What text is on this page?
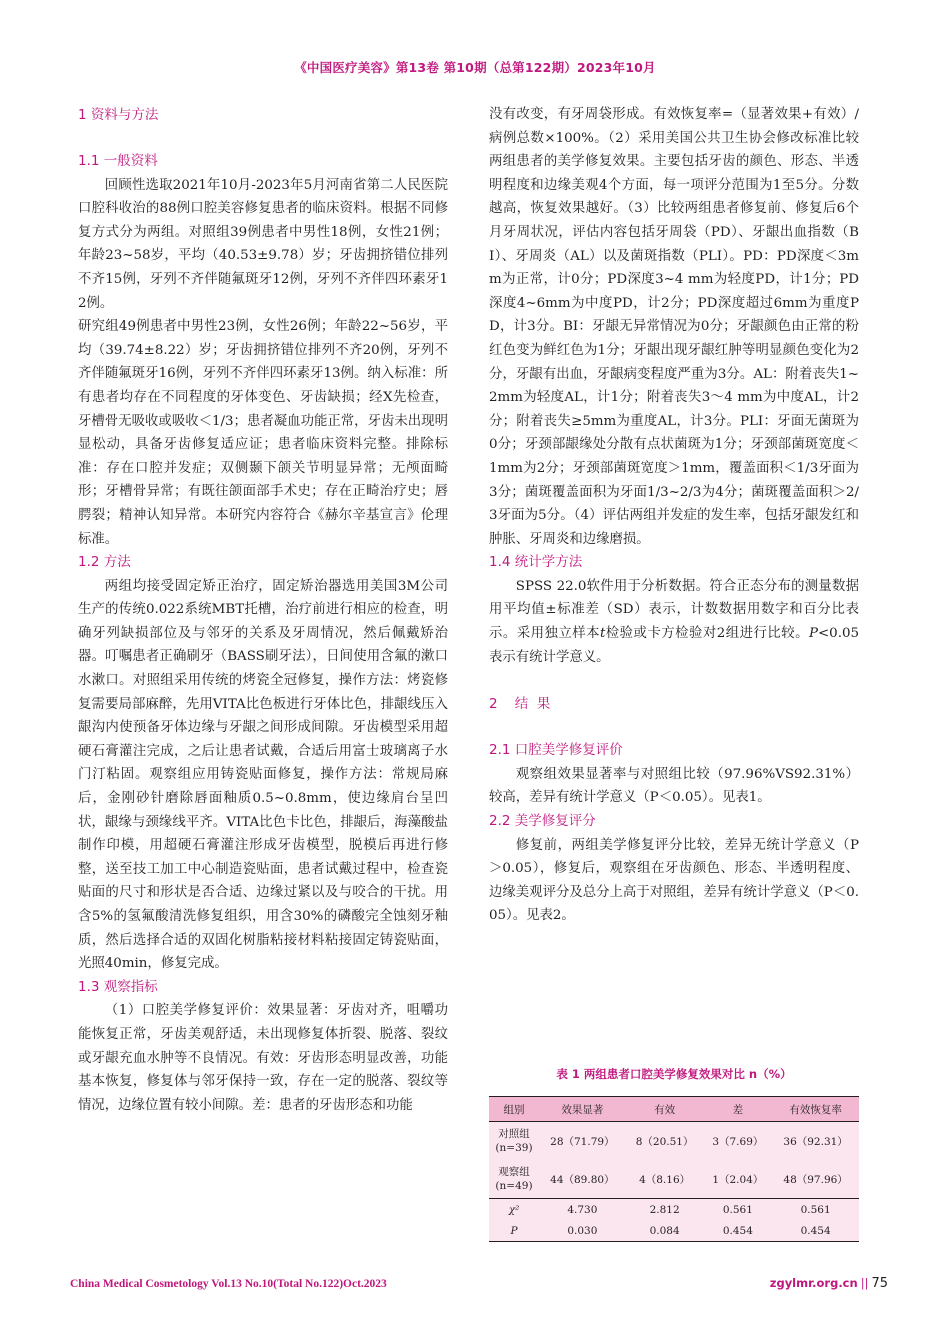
《中国医疗美容》第13卷 第10期（总第122期）2023年10月

1 资料与方法

1.1 一般资料

回顾性选取2021年10月-2023年5月河南省第二人民医院口腔科收治的88例口腔美容修复患者的临床资料。根据不同修复方式分为两组。对照组39例患者中男性18例，女性21例；年龄23~58岁，平均（40.53±9.78）岁；牙齿拥挤错位排列不齐15例，牙列不齐伴随氟斑牙12例，牙列不齐伴四环素牙12例。

研究组49例患者中男性23例，女性26例；年龄22~56岁，平均（39.74±8.22）岁；牙齿拥挤错位排列不齐20例，牙列不齐伴随氟斑牙16例，牙列不齐伴四环素牙13例。纳入标准：所有患者均存在不同程度的牙体变色、牙齿缺损；经X先检查，牙槽骨无吸收或吸收＜1/3；患者凝血功能正常，牙齿未出现明显松动，具备牙齿修复适应证；患者临床资料完整。排除标准：存在口腔并发症；双侧颞下颌关节明显异常；无颅面畸形；牙槽骨异常；有既往颌面部手术史；存在正畸治疗史；唇腭裂；精神认知异常。本研究内容符合《赫尔辛基宣言》伦理标准。

1.2 方法

两组均接受固定矫正治疗，固定矫治器选用美国3M公司生产的传统0.022系统MBT托槽，治疗前进行相应的检查，明确牙列缺损部位及与邻牙的关系及牙周情况，然后佩戴矫治器。叮嘱患者正确刷牙（BASS刷牙法），日间使用含氟的漱口水漱口。对照组采用传统的烤瓷全冠修复，操作方法：烤瓷修复需要局部麻醉，先用VITA比色板进行牙体比色，排龈线压入龈沟内使预备牙体边缘与牙龈之间形成间隙。牙齿模型采用超硬石膏灌注完成，之后让患者试戴，合适后用富士玻璃离子水门汀粘固。观察组应用铸瓷贴面修复，操作方法：常规局麻后，金刚砂针磨除唇面釉质0.5~0.8mm，使边缘肩台呈凹状，龈缘与颈缘线平齐。VITA比色卡比色，排龈后，海藻酸盐制作印模，用超硬石膏灌注形成牙齿模型，脱模后再进行修整，送至技工加工中心制造瓷贴面，患者试戴过程中，检查瓷贴面的尺寸和形状是否合适、边缘过紧以及与咬合的干扰。用含5%的氢氟酸清洗修复组织，用含30%的磷酸完全蚀刻牙釉质，然后选择合适的双固化树脂粘接材料粘接固定铸瓷贴面，光照40min，修复完成。

1.3 观察指标

（1）口腔美学修复评价：效果显著：牙齿对齐，咀嚼功能恢复正常，牙齿美观舒适，未出现修复体折裂、脱落、裂纹或牙龈充血水肿等不良情况。有效：牙齿形态明显改善，功能基本恢复，修复体与邻牙保持一致，存在一定的脱落、裂纹等情况，边缘位置有较小间隙。差：患者的牙齿形态和功能

没有改变，有牙周袋形成。有效恢复率=（显著效果+有效）/病例总数×100%。（2）采用美国公共卫生协会修改标准比较两组患者的美学修复效果。主要包括牙齿的颜色、形态、半透明程度和边缘美观4个方面，每一项评分范围为1至5分。分数越高，恢复效果越好。（3）比较两组患者修复前、修复后6个月牙周状况，评估内容包括牙周袋（PD）、牙龈出血指数（BI）、牙周炎（AL）以及菌斑指数（PLI）。PD：PD深度＜3mm为正常，计0分；PD深度3~4 mm为轻度PD，计1分；PD深度4~6mm为中度PD，计2分；PD深度超过6mm为重度PD，计3分。BI：牙龈无异常情况为0分；牙龈颜色由正常的粉红色变为鲜红色为1分；牙龈出现牙龈红肿等明显颜色变化为2分，牙龈有出血，牙龈病变程度严重为3分。AL：附着丧失1~2mm为轻度AL，计1分；附着丧失3～4 mm为中度AL，计2分；附着丧失≥5mm为重度AL，计3分。PLI：牙面无菌斑为0分；牙颈部龈缘处分散有点状菌斑为1分；牙颈部菌斑宽度＜1mm为2分；牙颈部菌斑宽度＞1mm，覆盖面积＜1/3牙面为3分；菌斑覆盖面积为牙面1/3~2/3为4分；菌斑覆盖面积＞2/3牙面为5分。（4）评估两组并发症的发生率，包括牙龈发红和肿胀、牙周炎和边缘磨损。

1.4 统计学方法

SPSS 22.0软件用于分析数据。符合正态分布的测量数据用平均值±标准差（SD）表示，计数数据用数字和百分比表示。采用独立样本t检验或卡方检验对2组进行比较。P<0.05表示有统计学意义。

2    结  果

2.1 口腔美学修复评价

观察组效果显著率与对照组比较（97.96%VS92.31%）较高，差异有统计学意义（P＜0.05）。见表1。

2.2 美学修复评分

修复前，两组美学修复评分比较，差异无统计学意义（P＞0.05），修复后，观察组在牙齿颜色、形态、半透明程度、边缘美观评分及总分上高于对照组，差异有统计学意义（P＜0.05）。见表2。

表 1 两组患者口腔美学修复效果对比 n（%）
组别	效果显著	有效	差	有效恢复率
对照组
(n=39)	28（71.79）	8（20.51）	3（7.69）	36（92.31）
观察组
(n=49)	44（89.80）	4（8.16）	1（2.04）	48（97.96）
χ²	4.730	2.812	0.561	0.561
P	0.030	0.084	0.454	0.454
China Medical Cosmetology Vol.13 No.10(Total No.122)Oct.2023	zgylmr.org.cn || 75
